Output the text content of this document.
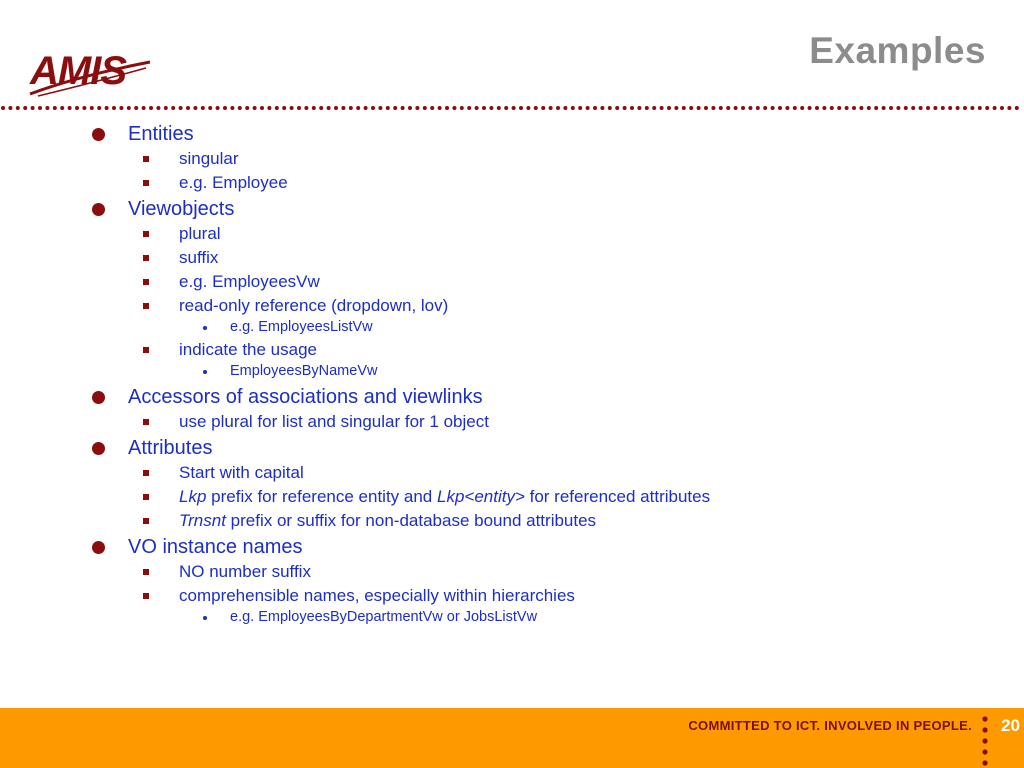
AMIS	Examples
Entities
singular
e.g. Employee
Viewobjects
plural
suffix
e.g. EmployeesVw
read-only reference (dropdown, lov)
e.g. EmployeesListVw
indicate the usage
EmployeesByNameVw
Accessors of associations and viewlinks
use plural for list and singular for 1 object
Attributes
Start with capital
Lkp prefix for reference entity and Lkp<entity> for referenced attributes
Trnsnt prefix or suffix for non-database bound attributes
VO instance names
NO number suffix
comprehensible names, especially within hierarchies
e.g. EmployeesByDepartmentVw or JobsListVw
COMMITTED TO ICT. INVOLVED IN PEOPLE. 20
